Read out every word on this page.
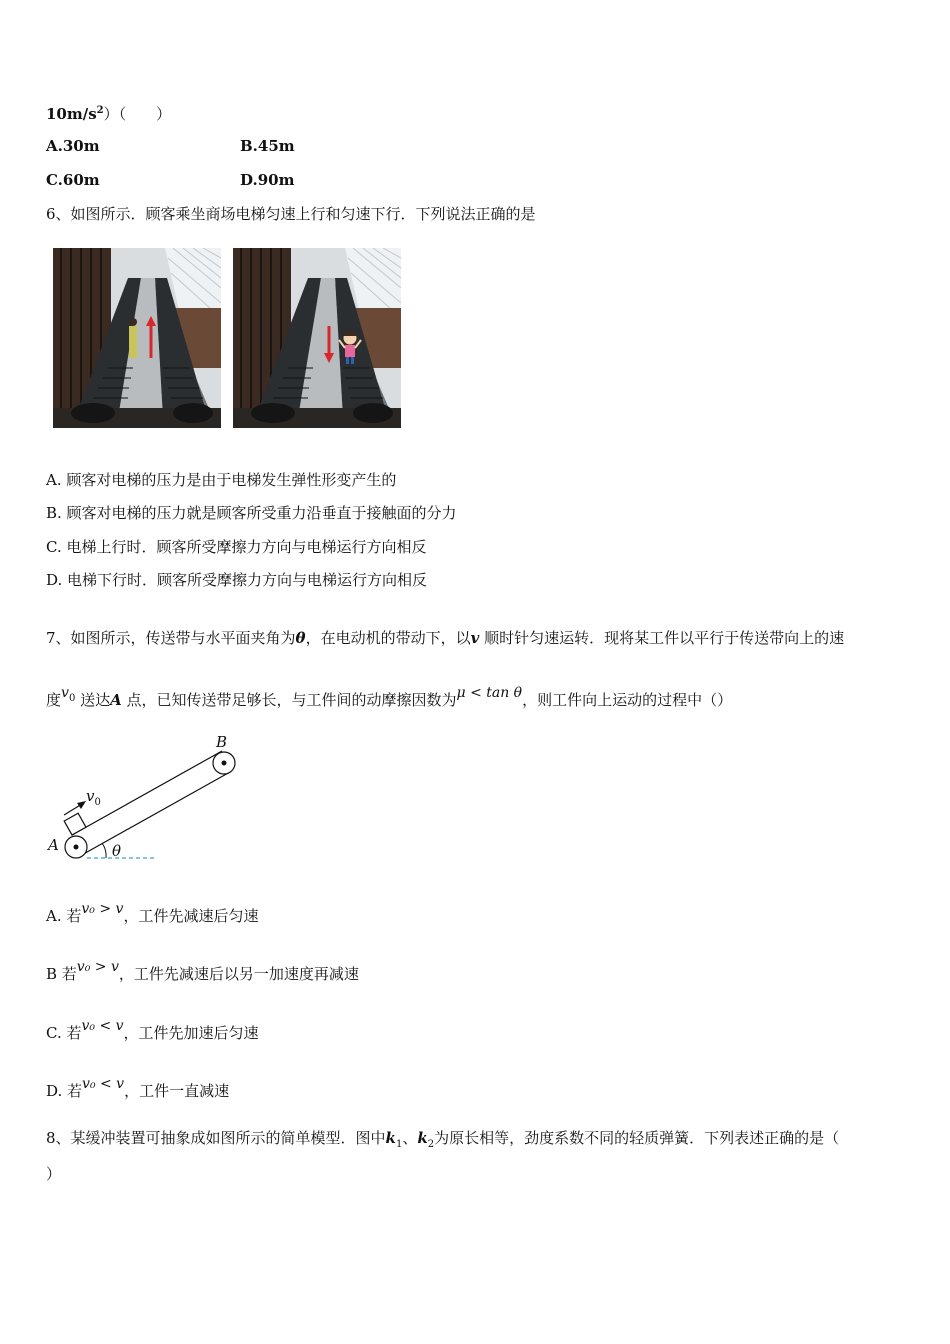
$10m/s^2$）（　　）
A.30m	B.45m
C.60m	D.90m
6、如图所示．顾客乘坐商场电梯匀速上行和匀速下行．下列说法正确的是
A. 顾客对电梯的压力是由于电梯发生弹性形变产生的
B. 顾客对电梯的压力就是顾客所受重力沿垂直于接触面的分力
C. 电梯上行时．顾客所受摩擦力方向与电梯运行方向相反
D. 电梯下行时．顾客所受摩擦力方向与电梯运行方向相反
7、如图所示，传送带与水平面夹角为θ，在电动机的带动下，以v 顺时针匀速运转．现将某工件以平行于传送带向上的速
度$v_0$ 送达A 点，已知传送带足够长，与工件间的动摩擦因数为μ < tan θ，则工件向上运动的过程中（）
A
B
$v_0$
θ
A. 若v₀ > v，工件先减速后匀速
B 若v₀ > v，工件先减速后以另一加速度再减速
C. 若v₀ < v，工件先加速后匀速
D. 若v₀ < v，工件一直减速
8、某缓冲装置可抽象成如图所示的简单模型．图中$k_1$、$k_2$为原长相等，劲度系数不同的轻质弹簧．下列表述正确的是（
）
